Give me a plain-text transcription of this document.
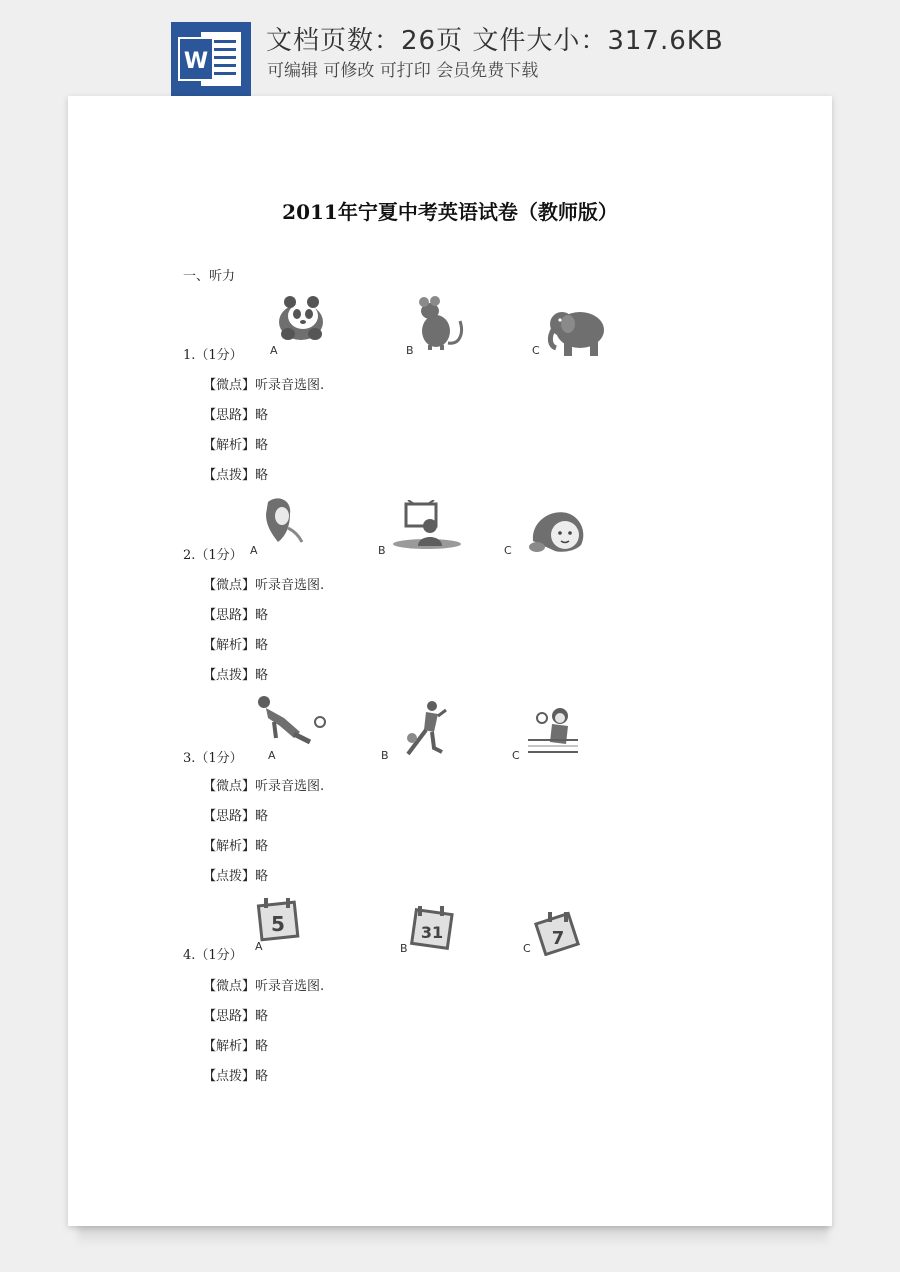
W
文档页数：26页 文件大小：317.6KB
可编辑 可修改 可打印 会员免费下载
2011年宁夏中考英语试卷（教师版）
一、听力
1.（1分） A	B	C
【微点】听录音选图.
【思路】略
【解析】略
【点拨】略
2.（1分） A	B	C
【微点】听录音选图.
【思路】略
【解析】略
【点拨】略
3.（1分） A	B	C
【微点】听录音选图.
【思路】略
【解析】略
【点拨】略
4.（1分）
5
A
31
B	7
C
【微点】听录音选图.
【思路】略
【解析】略
【点拨】略
